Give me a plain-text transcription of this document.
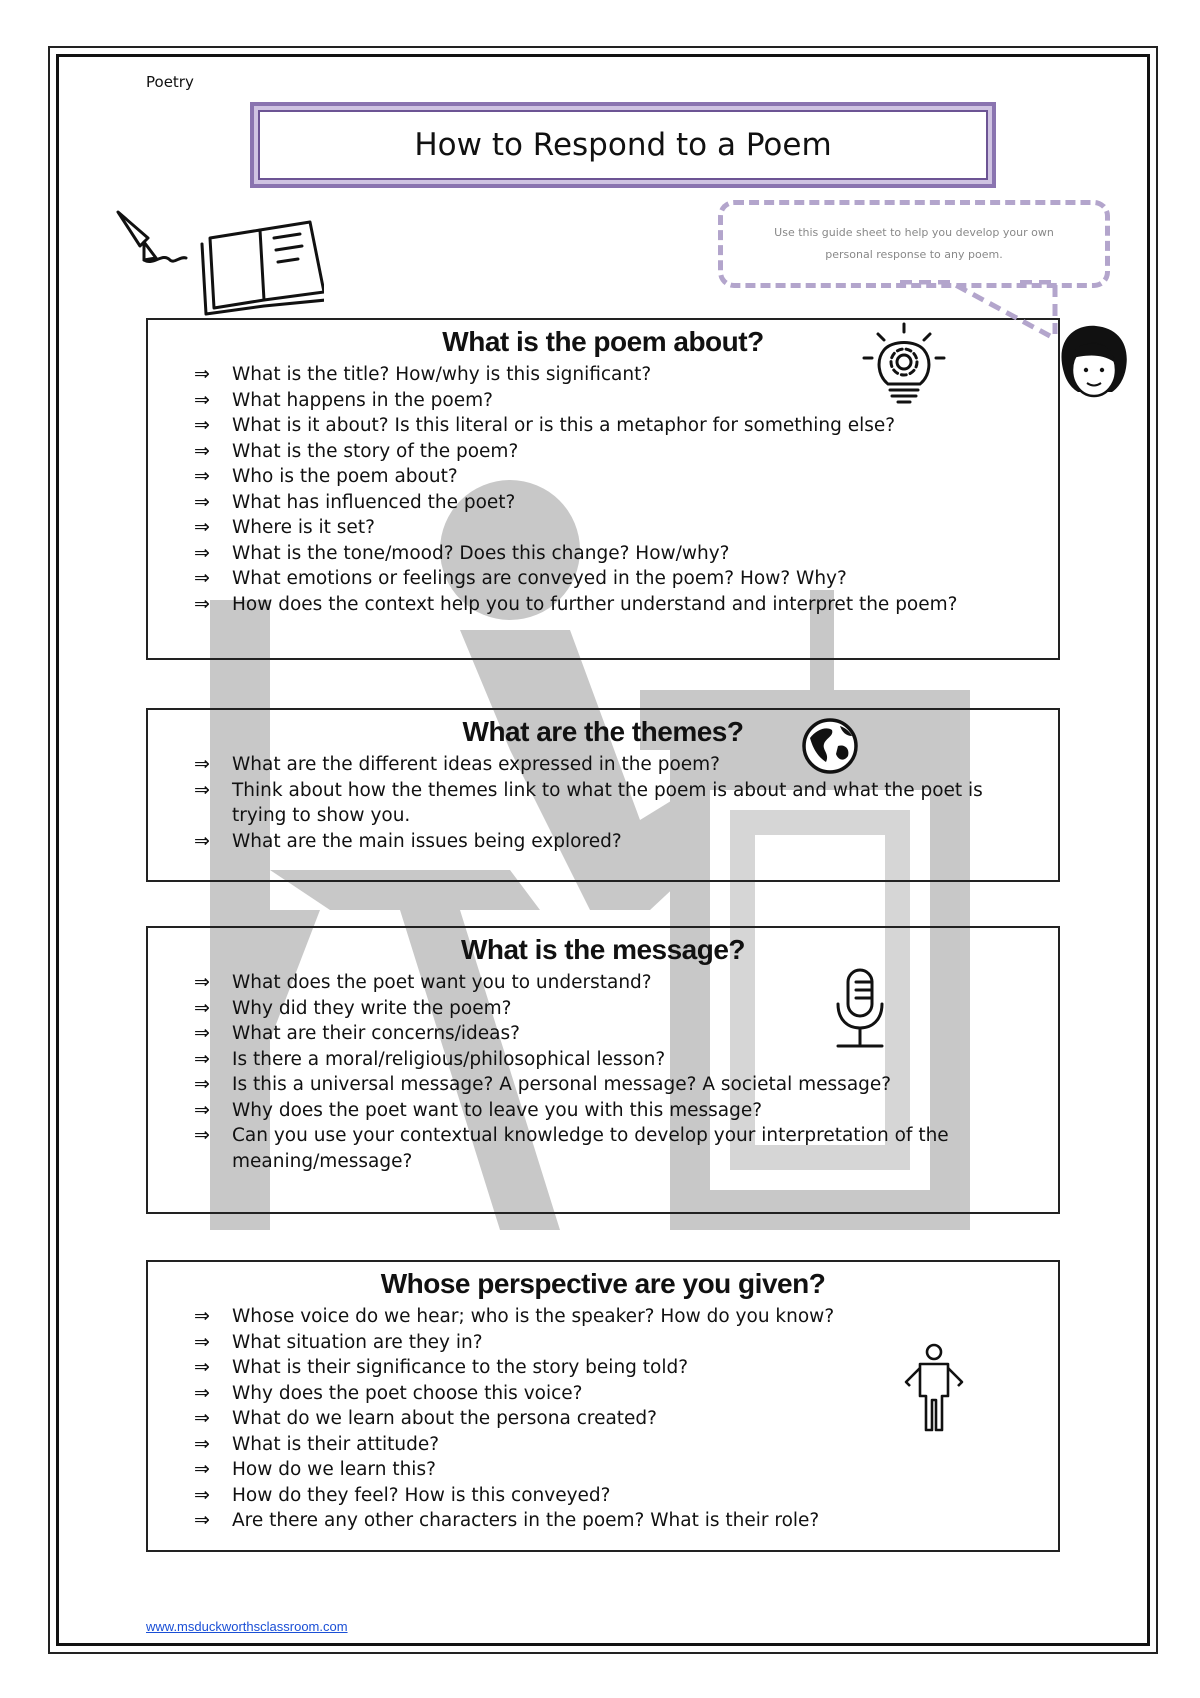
Poetry
How to Respond to a Poem
Use this guide sheet to help you develop your own personal response to any poem.
What is the poem about?
⇒ What is the title? How/why is this significant?
⇒ What happens in the poem?
⇒ What is it about? Is this literal or is this a metaphor for something else?
⇒ What is the story of the poem?
⇒ Who is the poem about?
⇒ What has influenced the poet?
⇒ Where is it set?
⇒ What is the tone/mood? Does this change? How/why?
⇒ What emotions or feelings are conveyed in the poem? How? Why?
⇒ How does the context help you to further understand and interpret the poem?
What are the themes?
⇒ What are the different ideas expressed in the poem?
⇒ Think about how the themes link to what the poem is about and what the poet is trying to show you.
⇒ What are the main issues being explored?
What is the message?
⇒ What does the poet want you to understand?
⇒ Why did they write the poem?
⇒ What are their concerns/ideas?
⇒ Is there a moral/religious/philosophical lesson?
⇒ Is this a universal message? A personal message? A societal message?
⇒ Why does the poet want to leave you with this message?
⇒ Can you use your contextual knowledge to develop your interpretation of the meaning/message?
Whose perspective are you given?
⇒ Whose voice do we hear; who is the speaker? How do you know?
⇒ What situation are they in?
⇒ What is their significance to the story being told?
⇒ Why does the poet choose this voice?
⇒ What do we learn about the persona created?
⇒ What is their attitude?
⇒ How do we learn this?
⇒ How do they feel? How is this conveyed?
⇒ Are there any other characters in the poem? What is their role?
www.msduckworthsclassroom.com
